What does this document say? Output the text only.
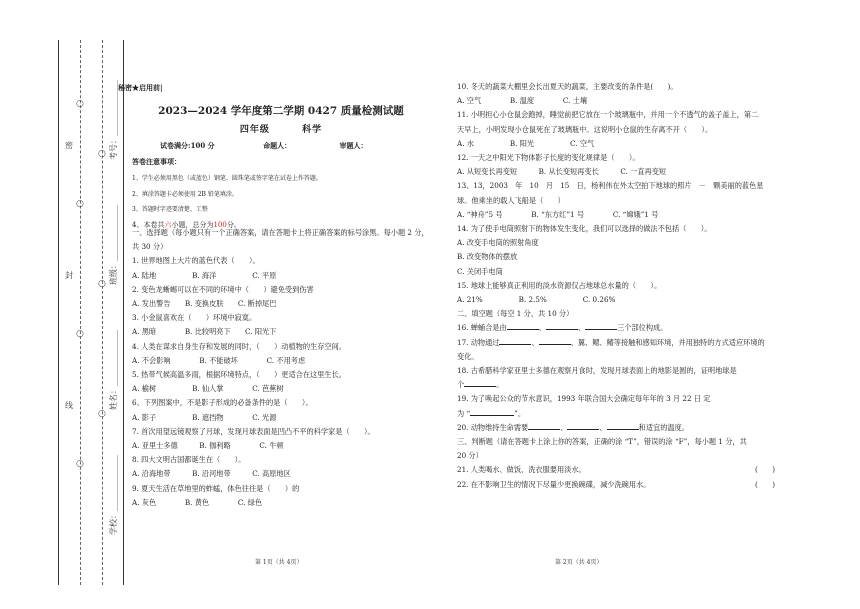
○
○
○
○
○
○
○
密
封
线
考号：______________
班级：______________
姓名：______________
学校：______________
秘密★启用前|
2023—2024 学年度第二学期 0427 质量检测试题
四年级	科学
试卷满分:100 分	命题人：	审题人：
答卷注意事项：
1、学生必须用黑色（或蓝色）钢笔、圆珠笔或签字笔在试卷上作答题。
2、填涂答题卡必须使用 2B 铅笔填涂。
3、答题时字迹要清楚、工整
4、本卷共六小题，总分为100分。
一、选择题（每小题只有一个正确答案，请在答题卡上将正确答案的标号涂黑。每小题 2 分，
共 30 分）
1. 世界地图上大片的蓝色代表（　　）。
A. 陆地　　　　　B. 海洋　　　　　C. 平原
2. 变色龙蜥蜴可以在不同的环境中（　　）避免受到伤害
A. 发出警告　　B. 变换皮肤　　C. 断掉尾巴
3. 小金鼠喜欢在（　　）环境中寂寞。
A. 黑暗　　　　B. 比较明亮下　　C. 阳光下
4. 人类在谋求自身生存和发展的同时，（　　）动植物的生存空间。
A. 不会影响　　　　B. 不能破坏　　　　C. 不用考虑
5. 热带气候高温多雨，根据环境特点，（　　）更适合在这里生长。
A. 榆树　　　　　B. 仙人掌　　　　C. 芭蕉树
6、下列图案中，不是影子形成的必备条件的是（　　）。
A. 影子　　　　　B. 遮挡物　　　　C. 光源
7. 首次用望远镜观察了月球，发现月球表面是凹凸不平的科学家是（　　）。
A. 亚里士多德　　　B. 伽利略　　　　C. 牛顿
8. 四大文明古国都诞生在（　　）。
A. 沿海地带　　　B. 沿河地带　　　C. 高原地区
9. 夏天生活在草地里的蚱蜢，体色往往是（　　）的
A. 灰色　　　　B. 黄色　　　　C. 绿色
10. 冬天的蔬菜大棚里会长出夏天的蔬菜，主要改变的条件是(　　)。
A. 空气　　　　B. 温度　　　　C. 土壤
11. 小明担心小仓鼠会跑掉，睡觉前把它放在一个玻璃瓶中，并用一个不透气的盖子盖上，第二
天早上，小明发现小仓鼠死在了玻璃瓶中。这说明小仓鼠的生存离不开（　　）。
A. 水　　　　　B. 阳光　　　　　C. 空气
12. 一天之中阳光下物体影子长度的变化规律是（　　）。
A. 从短变长再变短　　　B. 从长变短再变长　　　C. 一直再变短
13、13，2003　年　10　月　15　日，杨利伟在外太空拍下地球的照片　－　颗美丽的蓝色星
球。他乘坐的载人飞船是（　　）
A. “神舟”5 号　　　　B. “东方红”1 号　　　　C. “嫦娥”1 号
14. 为了使手电筒照射下的物体发生变化，我们可以选择的做法不包括（　　）。
A. 改变手电筒的照射角度
B. 改变物体的摆放
C. 关闭手电筒
15. 地球上能够真正利用的淡水资源仅占地球总水量的（　　）。
A. 21%　　　　　B. 2.5%　　　　　C. 0.26%
二、填空题（每空 1 分，共 10 分）
16. 蝉蛹合是由	、	、	三个部位构成。
17. 动物通过	、	、翼、鳃、鳍等接触和感知环境，并用独特的方式适应环境的
变化。
18. 古希腊科学家亚里士多德在观察月食时，发现月球表面上的地影是圆的，证明地球是
个	。
19. 为了唤起公众的节水意识，1993 年联合国大会确定每年年的 3 月 22 日 定
为 “	”。
20. 动物维持生命需要	、	、	和适宜的温度。
三、判断题（请在答题卡上涂上你的答案，正确的涂 “T”，错误的涂 “F”，每小题 1 分，共
20 分）
21. 人类喝水、做饭、洗衣服要用淡水。	(　　)
22. 在不影响卫生的情况下尽量少更换碗碟，减少洗碗用水。	(　　)
第 1页（共 4页）	第 2页（共 4页）
